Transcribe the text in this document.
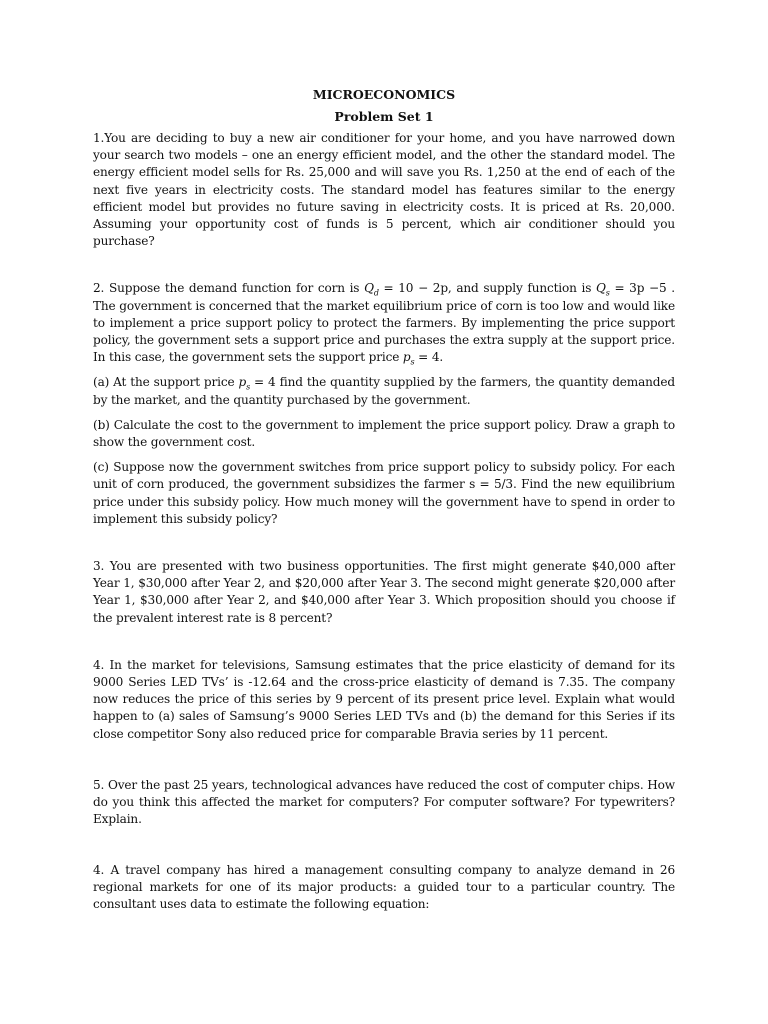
MICROECONOMICS

Problem Set 1

1.You are deciding to buy a new air conditioner for your home, and you have narrowed down your search two models – one an energy efficient model, and the other the standard model. The energy efficient model sells for Rs. 25,000 and will save you Rs. 1,250 at the end of each of the next five years in electricity costs. The standard model has features similar to the energy efficient model but provides no future saving in electricity costs. It is priced at Rs. 20,000. Assuming your opportunity cost of funds is 5 percent, which air conditioner should you purchase?

2. Suppose the demand function for corn is $Q_d = 10 - 2p$, and supply function is $Q_s = 3p -5$ . The government is concerned that the market equilibrium price of corn is too low and would like to implement a price support policy to protect the farmers. By implementing the price support policy, the government sets a support price and purchases the extra supply at the support price. In this case, the government sets the support price $p_s = 4$.

(a) At the support price $p_s = 4$ find the quantity supplied by the farmers, the quantity demanded by the market, and the quantity purchased by the government.

(b) Calculate the cost to the government to implement the price support policy. Draw a graph to show the government cost.

(c) Suppose now the government switches from price support policy to subsidy policy. For each unit of corn produced, the government subsidizes the farmer s = 5/3. Find the new equilibrium price under this subsidy policy. How much money will the government have to spend in order to implement this subsidy policy?

3. You are presented with two business opportunities. The first might generate $40,000 after Year 1, $30,000 after Year 2, and $20,000 after Year 3. The second might generate $20,000 after Year 1, $30,000 after Year 2, and $40,000 after Year 3. Which proposition should you choose if the prevalent interest rate is 8 percent?

4. In the market for televisions, Samsung estimates that the price elasticity of demand for its 9000 Series LED TVs’ is -12.64 and the cross-price elasticity of demand is 7.35. The company now reduces the price of this series by 9 percent of its present price level. Explain what would happen to (a) sales of Samsung’s 9000 Series LED TVs and (b) the demand for this Series if its close competitor Sony also reduced price for comparable Bravia series by 11 percent.

5. Over the past 25 years, technological advances have reduced the cost of computer chips. How do you think this affected the market for computers? For computer software? For typewriters? Explain.

4. A travel company has hired a management consulting company to analyze demand in 26 regional markets for one of its major products: a guided tour to a particular country. The consultant uses data to estimate the following equation:
